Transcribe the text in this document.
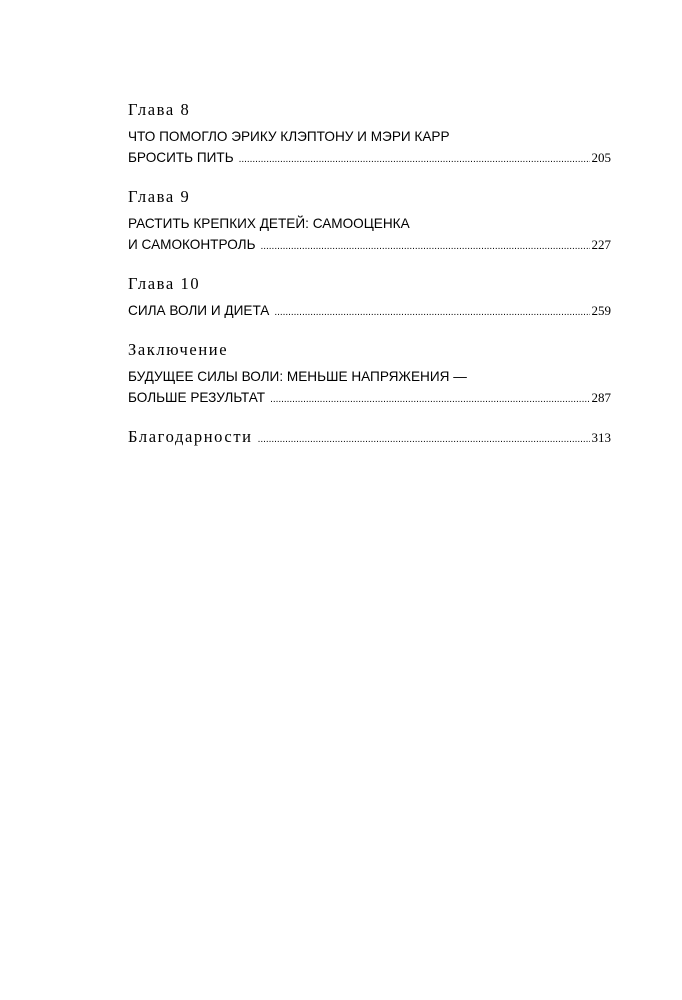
Глава 8
ЧТО ПОМОГЛО ЭРИКУ КЛЭПТОНУ И МЭРИ КАРР
БРОСИТЬ ПИТЬ . . .	205
Глава 9
РАСТИТЬ КРЕПКИХ ДЕТЕЙ: САМООЦЕНКА
И САМОКОНТРОЛЬ . . .	227
Глава 10
СИЛА ВОЛИ И ДИЕТА . . .	259
Заключение
БУДУЩЕЕ СИЛЫ ВОЛИ: МЕНЬШЕ НАПРЯЖЕНИЯ —
БОЛЬШЕ РЕЗУЛЬТАТ . . .	287
Благодарности . . .	313
